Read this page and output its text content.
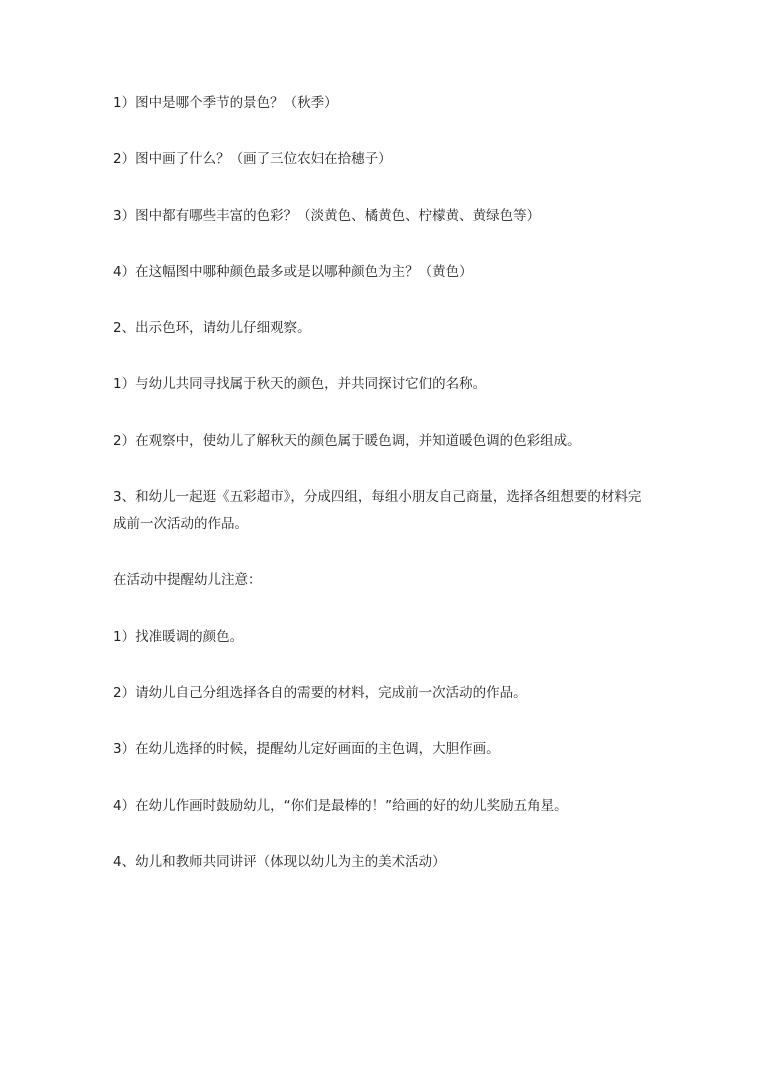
1）图中是哪个季节的景色？（秋季）

2）图中画了什么？（画了三位农妇在拾穗子）

3）图中都有哪些丰富的色彩？（淡黄色、橘黄色、柠檬黄、黄绿色等）

4）在这幅图中哪种颜色最多或是以哪种颜色为主？（黄色）

2、出示色环，请幼儿仔细观察。

1）与幼儿共同寻找属于秋天的颜色，并共同探讨它们的名称。

2）在观察中，使幼儿了解秋天的颜色属于暖色调，并知道暖色调的色彩组成。

3、和幼儿一起逛《五彩超市》，分成四组，每组小朋友自己商量，选择各组想要的材料完
成前一次活动的作品。

在活动中提醒幼儿注意：

1）找准暖调的颜色。

2）请幼儿自己分组选择各自的需要的材料，完成前一次活动的作品。

3）在幼儿选择的时候，提醒幼儿定好画面的主色调，大胆作画。

4）在幼儿作画时鼓励幼儿，“你们是最棒的！”给画的好的幼儿奖励五角星。

4、幼儿和教师共同讲评（体现以幼儿为主的美术活动）
